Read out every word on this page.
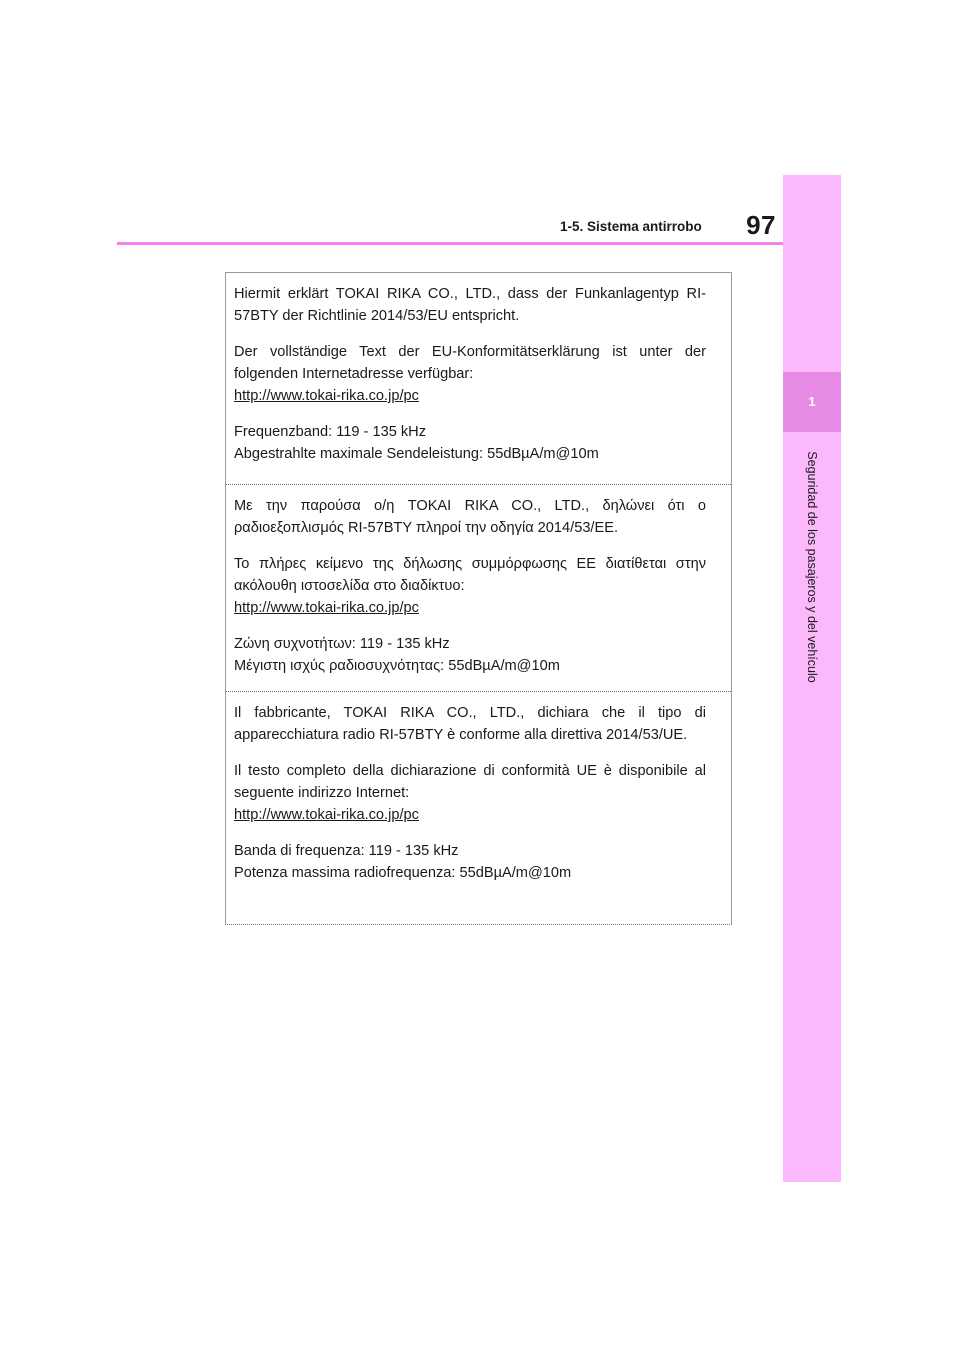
1-5. Sistema antirrobo	97
1
Seguridad de los pasajeros y del vehículo

Hiermit erklärt TOKAI RIKA CO., LTD., dass der Funkanlagentyp RI-57BTY der Richtlinie 2014/53/EU entspricht.

Der vollständige Text der EU-Konformitätserklärung ist unter der folgenden Internetadresse verfügbar:

http://www.tokai-rika.co.jp/pc

Frequenzband: 119 - 135 kHz

Abgestrahlte maximale Sendeleistung: 55dBµA/m@10m

Με την παρούσα ο/η TOKAI RIKA CO., LTD., δηλώνει ότι ο ραδιοεξοπλισμός RI-57BTY πληροί την οδηγία 2014/53/ΕΕ.

Το πλήρες κείμενο της δήλωσης συμμόρφωσης ΕΕ διατίθεται στην ακόλουθη ιστοσελίδα στο διαδίκτυο:

http://www.tokai-rika.co.jp/pc

Ζώνη συχνοτήτων: 119 - 135 kHz

Μέγιστη ισχύς ραδιοσυχνότητας: 55dBµA/m@10m

Il fabbricante, TOKAI RIKA CO., LTD., dichiara che il tipo di apparecchiatura radio RI-57BTY è conforme alla direttiva 2014/53/UE.

Il testo completo della dichiarazione di conformità UE è disponibile al seguente indirizzo Internet:

http://www.tokai-rika.co.jp/pc

Banda di frequenza: 119 - 135 kHz

Potenza massima radiofrequenza: 55dBµA/m@10m
